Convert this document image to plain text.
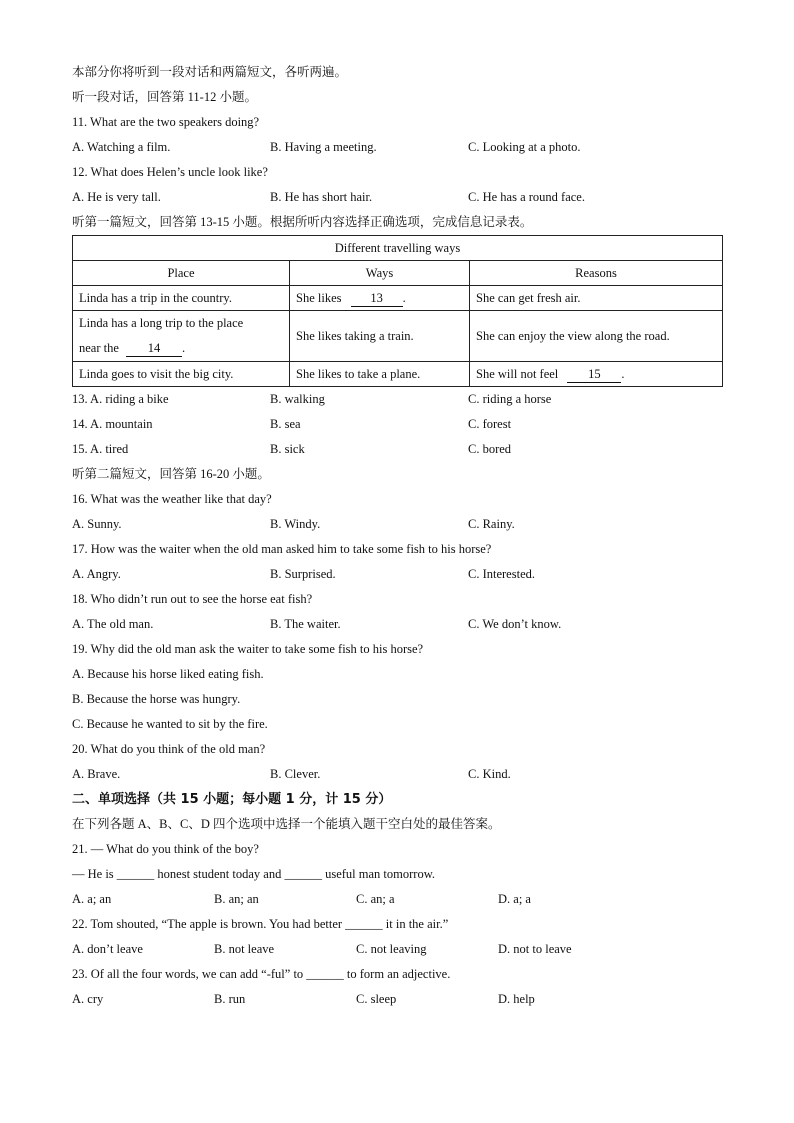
本部分你将听到一段对话和两篇短文，各听两遍。
听一段对话，回答第 11-12 小题。
11. What are the two speakers doing?
A. Watching a film.	B. Having a meeting.	C. Looking at a photo.
12. What does Helen’s uncle look like?
A. He is very tall.	B. He has short hair.	C. He has a round face.
听第一篇短文，回答第 13-15 小题。根据所听内容选择正确选项，完成信息记录表。
Different travelling ways		
Place	Ways	Reasons
Linda has a trip in the country.	She likes 13 .	She can get fresh air.

Linda has a long trip to the place
near the 14 .	She likes taking a train.	She can enjoy the view along the road.
Linda goes to visit the big city.	She likes to take a plane.	She will not feel 15 .
13. A. riding a bike	B. walking	C. riding a horse
14. A. mountain	B. sea	C. forest
15. A. tired	B. sick	C. bored
听第二篇短文，回答第 16-20 小题。
16. What was the weather like that day?
A. Sunny.	B. Windy.	C. Rainy.
17. How was the waiter when the old man asked him to take some fish to his horse?
A. Angry.	B. Surprised.	C. Interested.
18. Who didn’t run out to see the horse eat fish?
A. The old man.	B. The waiter.	C. We don’t know.
19. Why did the old man ask the waiter to take some fish to his horse?
A. Because his horse liked eating fish.
B. Because the horse was hungry.
C. Because he wanted to sit by the fire.
20. What do you think of the old man?
A. Brave.	B. Clever.	C. Kind.
二、单项选择（共 15 小题；每小题 1 分，计 15 分）
在下列各题 A、B、C、D 四个选项中选择一个能填入题干空白处的最佳答案。
21. — What do you think of the boy?
— He is ______ honest student today and ______ useful man tomorrow.
A. a; an	B. an; an	C. an; a	D. a; a
22. Tom shouted, “The apple is brown. You had better ______ it in the air.”
A. don’t leave	B. not leave	C. not leaving	D. not to leave
23. Of all the four words, we can add “-ful” to ______ to form an adjective.
A. cry	B. run	C. sleep	D. help
